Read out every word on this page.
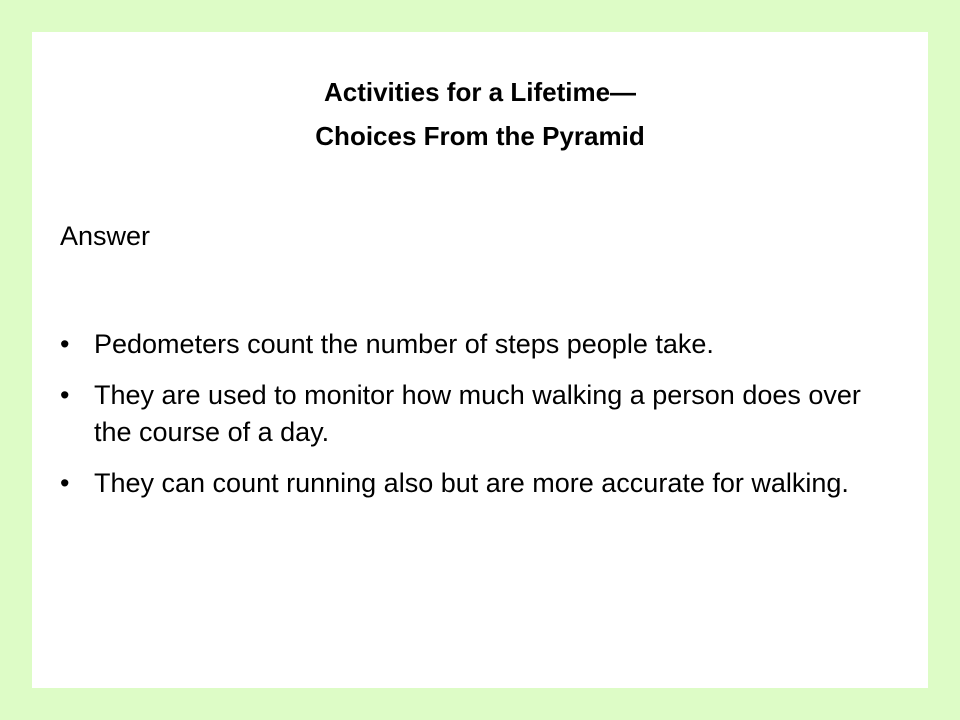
Activities for a Lifetime—
Choices From the Pyramid
Answer
• Pedometers count the number of steps people take.
• They are used to monitor how much walking a person does over the course of a day.
• They can count running also but are more accurate for walking.
